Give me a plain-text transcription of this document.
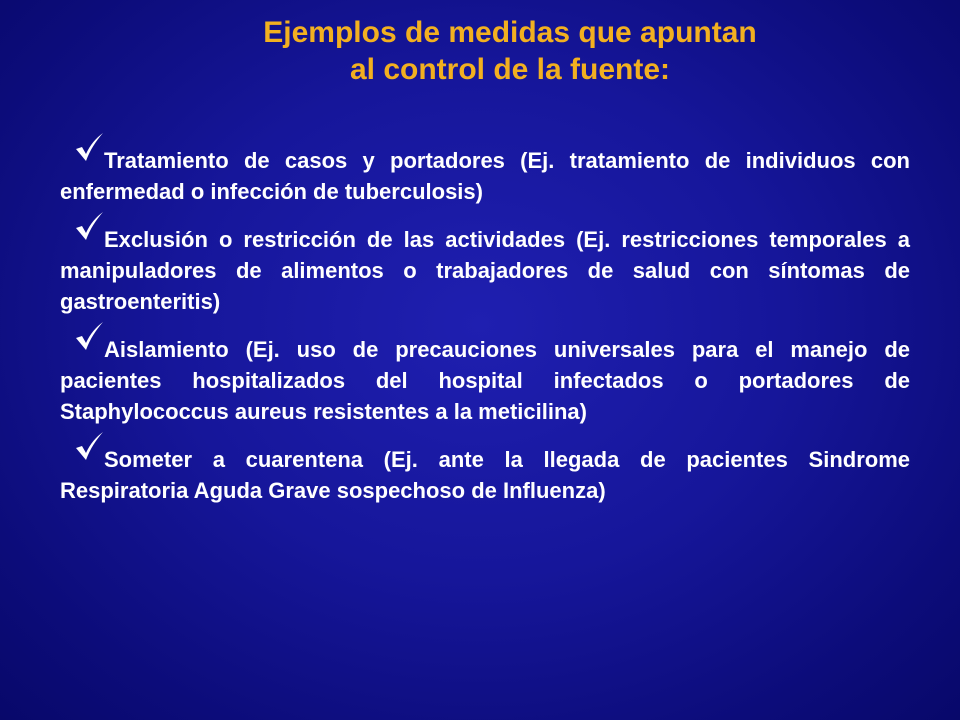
Ejemplos de medidas que apuntan
al control de la fuente:
Tratamiento de casos y portadores (Ej. tratamiento de individuos con enfermedad o infección de tuberculosis)
Exclusión o restricción de las actividades (Ej. restricciones temporales a manipuladores de alimentos o trabajadores de salud con síntomas de gastroenteritis)
Aislamiento (Ej. uso de precauciones universales para el manejo de pacientes hospitalizados del hospital infectados o portadores de Staphylococcus aureus resistentes a la meticilina)
Someter a cuarentena (Ej. ante la llegada de pacientes Sindrome Respiratoria Aguda Grave sospechoso de Influenza)
